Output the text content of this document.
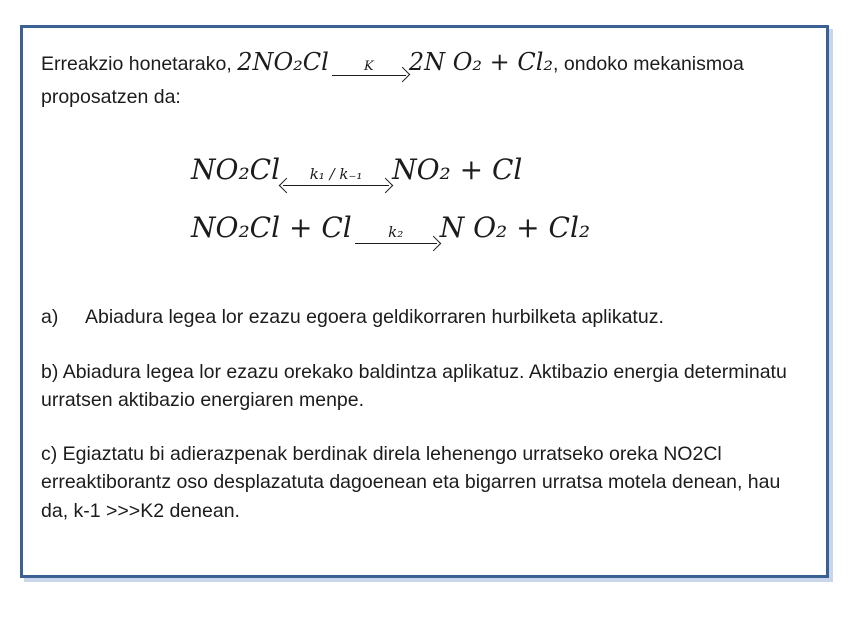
Erreakzio honetarako, 2NO₂Cl	K 2N O₂ + Cl₂, ondoko mekanismoa
proposatzen da:

NO₂Cl k₁ / k₋₁ NO₂ + Cl
NO₂Cl + Cl k₂ N O₂ + Cl₂

a) Abiadura legea lor ezazu egoera geldikorraren hurbilketa aplikatuz.

b) Abiadura legea lor ezazu orekako baldintza aplikatuz. Aktibazio energia determinatu urratsen aktibazio energiaren menpe.

c) Egiaztatu bi adierazpenak berdinak direla lehenengo urratseko oreka NO2Cl erreaktiborantz oso desplazatuta dagoenean eta bigarren urratsa motela denean, hau da, k-1 >>>K2 denean.
